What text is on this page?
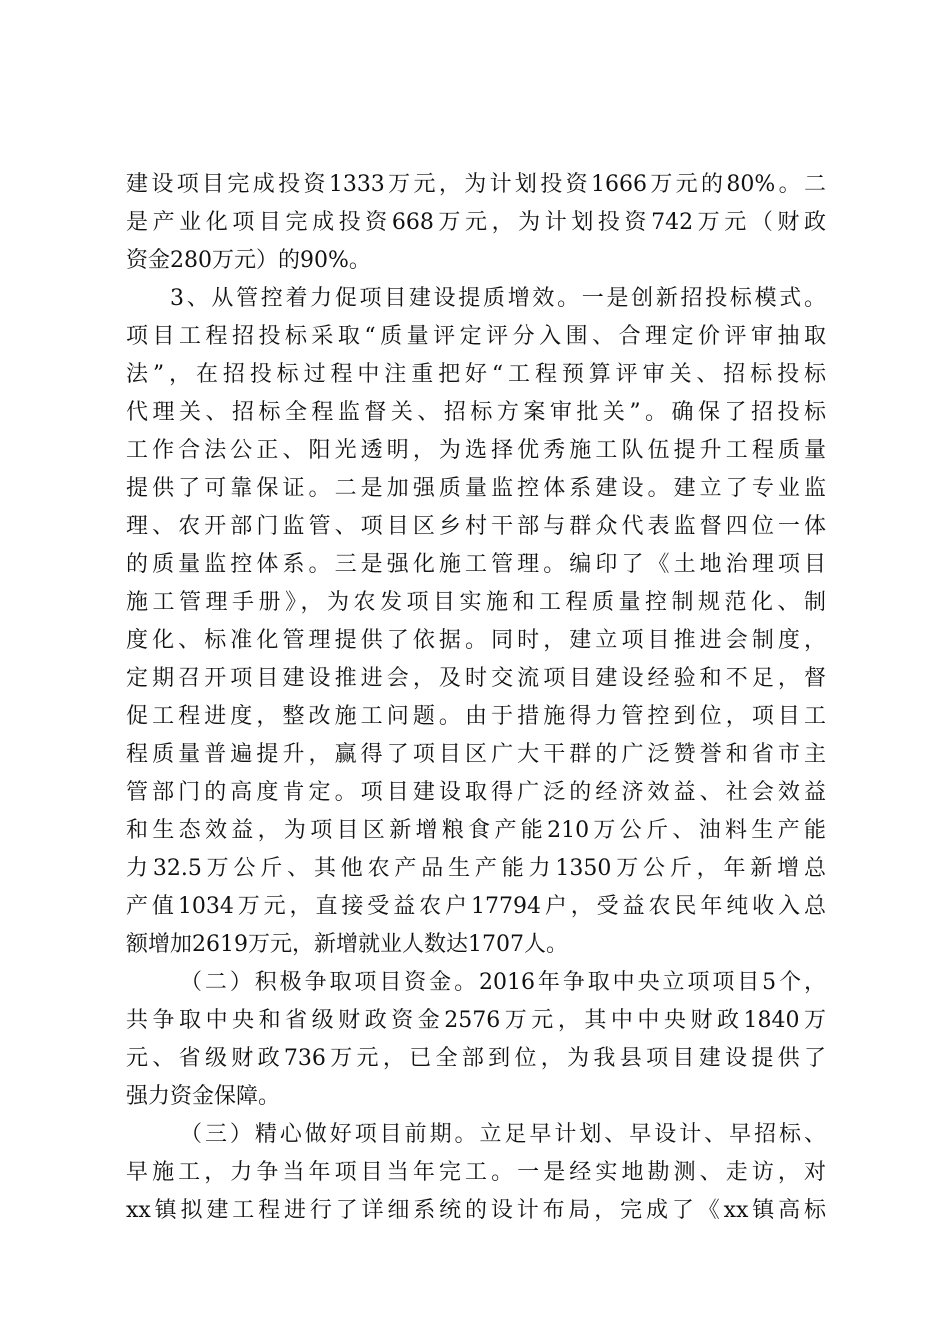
建设项目完成投资1333万元，为计划投资1666万元的80%。二
是产业化项目完成投资668万元，为计划投资742万元（财政
资金280万元）的90%。
3、从管控着力促项目建设提质增效。一是创新招投标模式。
项目工程招投标采取“质量评定评分入围、合理定价评审抽取
法”，在招投标过程中注重把好“工程预算评审关、招标投标
代理关、招标全程监督关、招标方案审批关”。确保了招投标
工作合法公正、阳光透明，为选择优秀施工队伍提升工程质量
提供了可靠保证。二是加强质量监控体系建设。建立了专业监
理、农开部门监管、项目区乡村干部与群众代表监督四位一体
的质量监控体系。三是强化施工管理。编印了《土地治理项目
施工管理手册》，为农发项目实施和工程质量控制规范化、制
度化、标准化管理提供了依据。同时，建立项目推进会制度，
定期召开项目建设推进会，及时交流项目建设经验和不足，督
促工程进度，整改施工问题。由于措施得力管控到位，项目工
程质量普遍提升，赢得了项目区广大干群的广泛赞誉和省市主
管部门的高度肯定。项目建设取得广泛的经济效益、社会效益
和生态效益，为项目区新增粮食产能210万公斤、油料生产能
力32.5万公斤、其他农产品生产能力1350万公斤，年新增总
产值1034万元，直接受益农户17794户，受益农民年纯收入总
额增加2619万元，新增就业人数达1707人。
（二）积极争取项目资金。2016年争取中央立项项目5个，
共争取中央和省级财政资金2576万元，其中中央财政1840万
元、省级财政736万元，已全部到位，为我县项目建设提供了
强力资金保障。
（三）精心做好项目前期。立足早计划、早设计、早招标、
早施工，力争当年项目当年完工。一是经实地勘测、走访，对
xx镇拟建工程进行了详细系统的设计布局，完成了《xx镇高标
